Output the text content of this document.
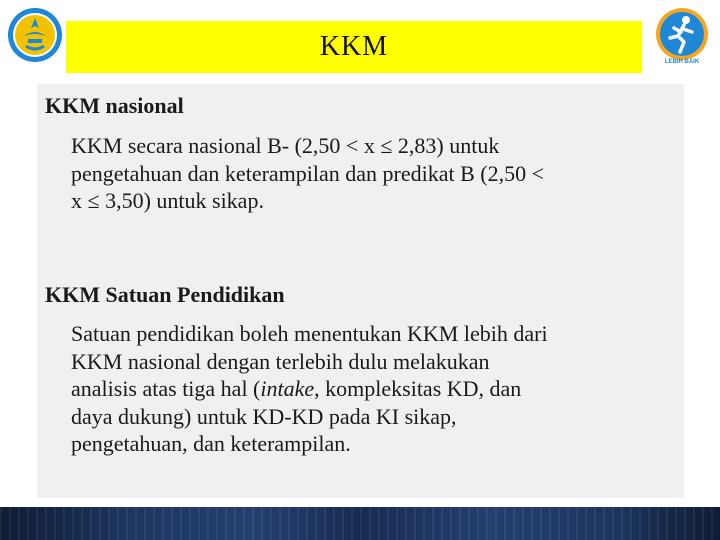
LEBIH BAIK
KKM
KKM nasional
KKM secara nasional B- (2,50 < x ≤ 2,83) untuk
pengetahuan dan keterampilan dan predikat B (2,50 <
x ≤ 3,50) untuk sikap.
KKM Satuan Pendidikan
Satuan pendidikan boleh menentukan KKM lebih dari
KKM nasional dengan terlebih dulu melakukan
analisis atas tiga hal (intake, kompleksitas KD, dan
daya dukung) untuk KD-KD pada KI sikap,
pengetahuan, dan keterampilan.
